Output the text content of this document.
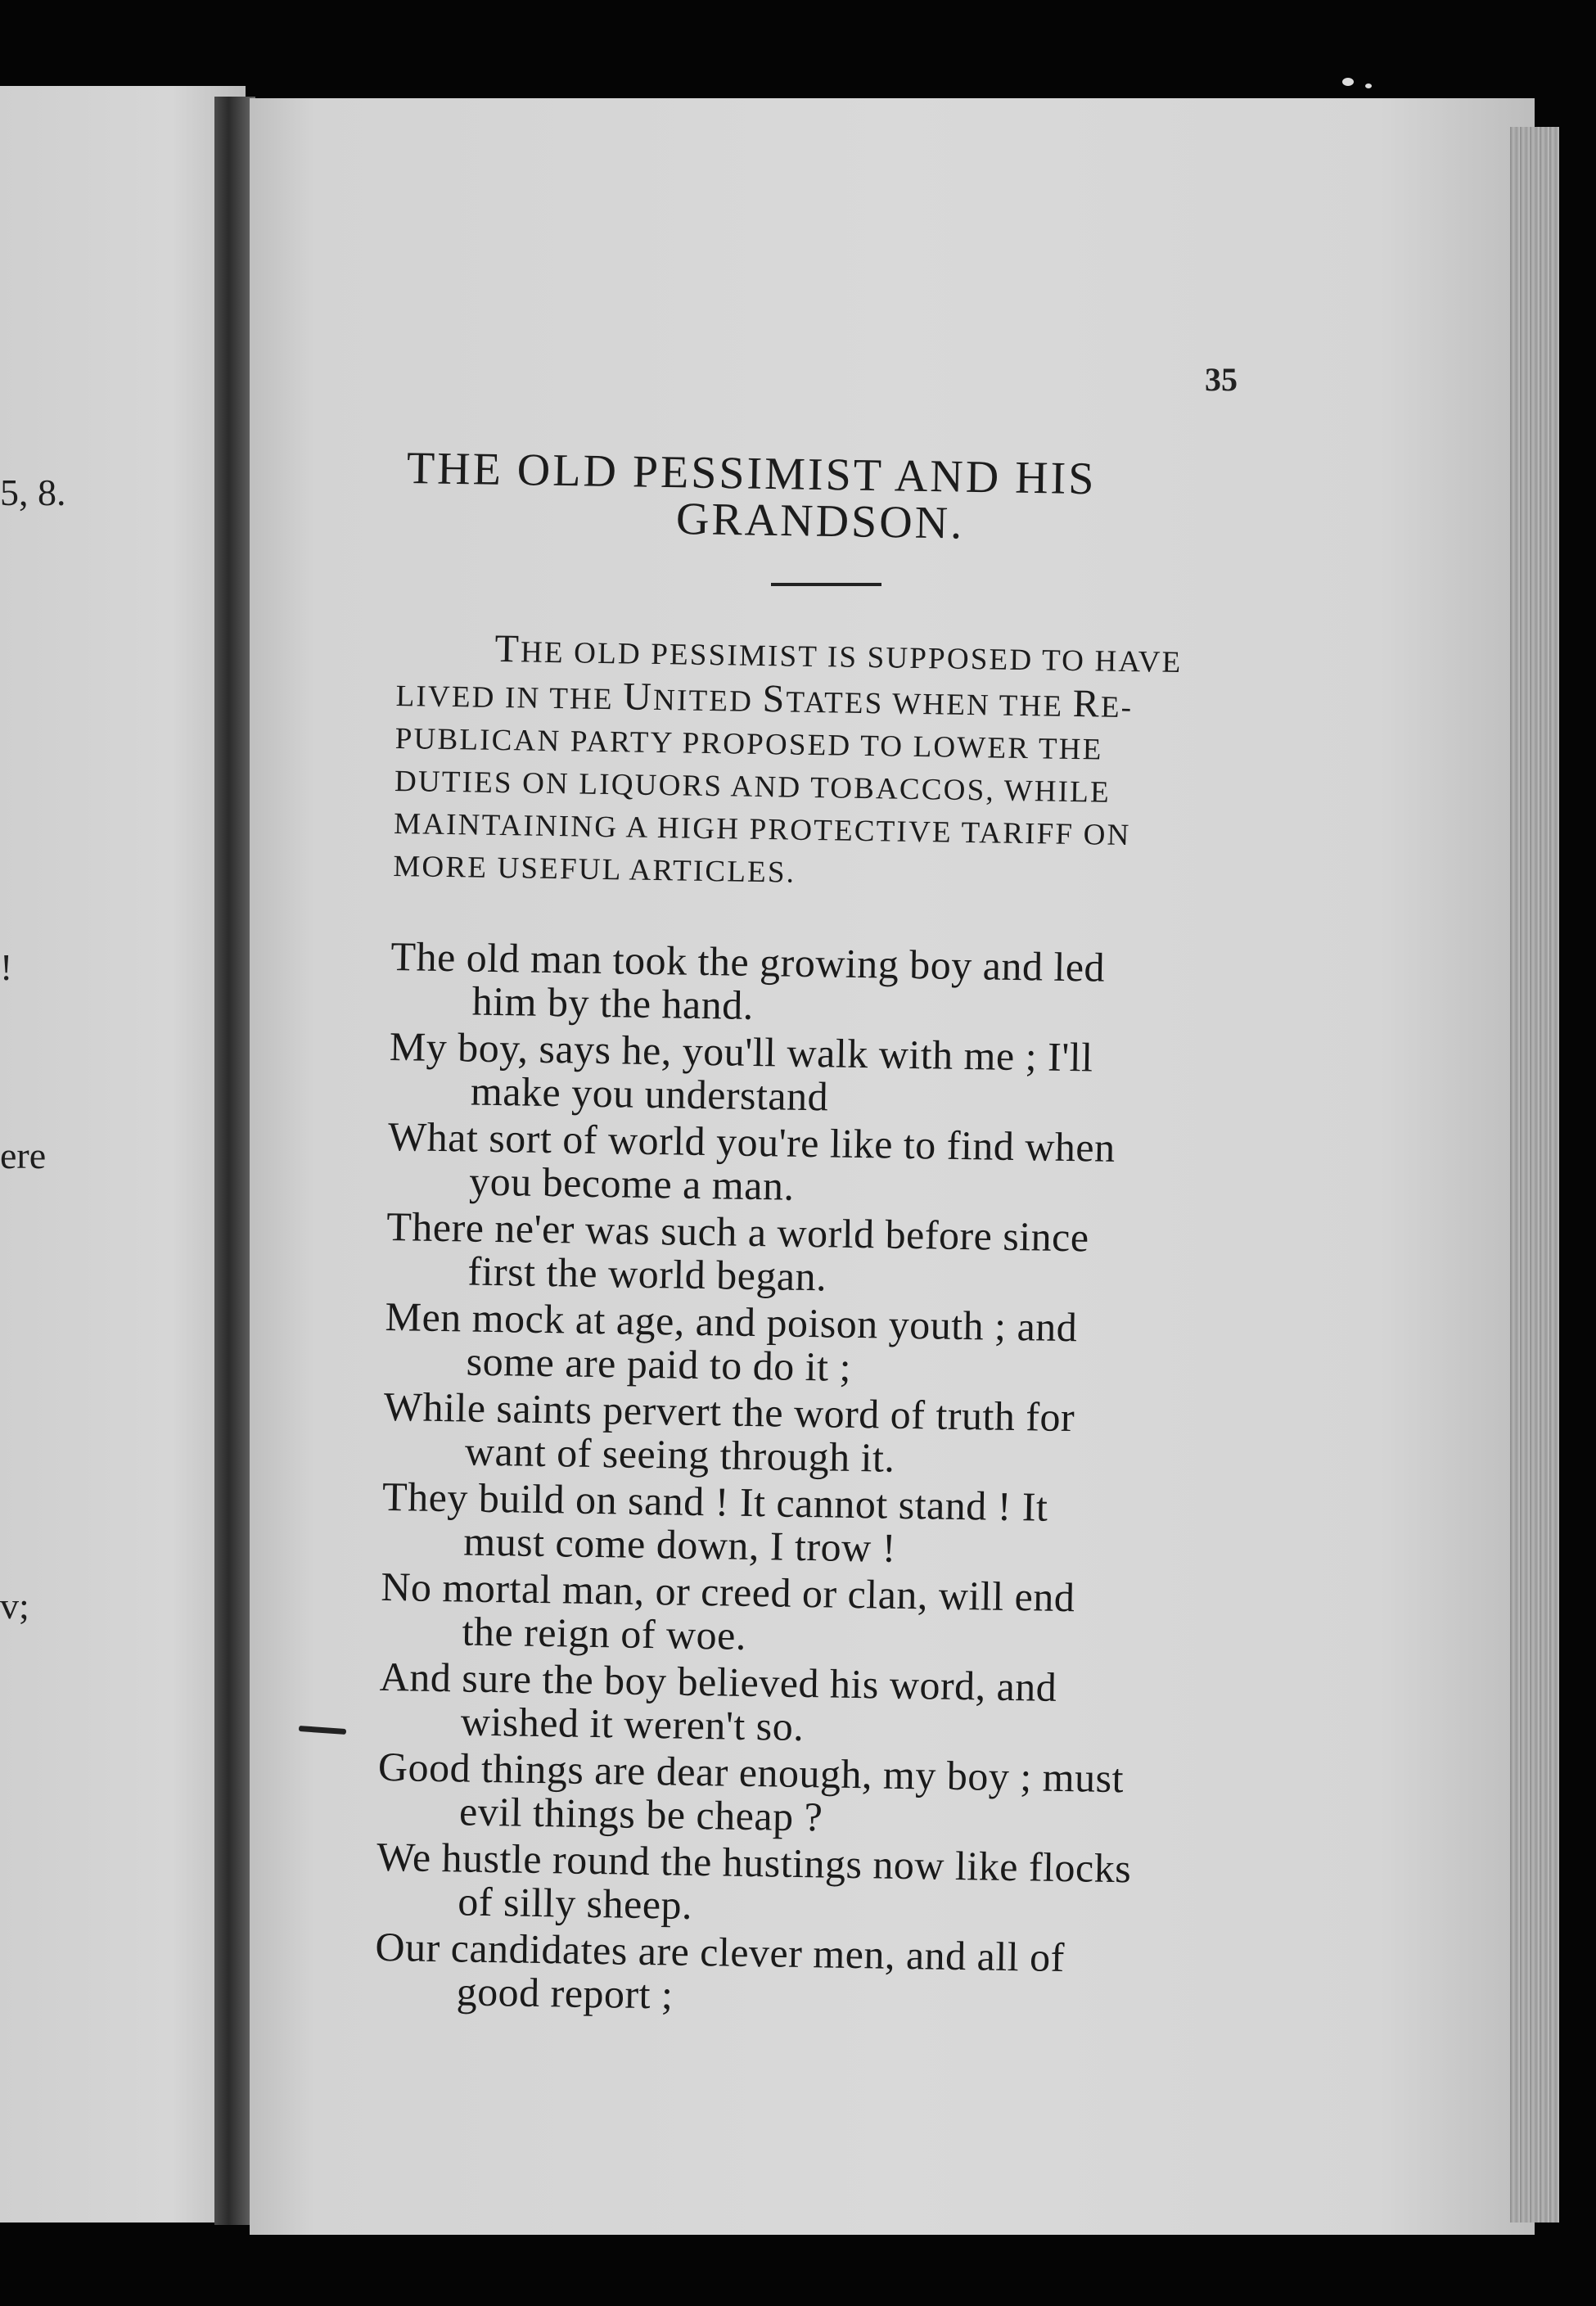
5, 8.
!
ere
v;
35
THE OLD PESSIMIST AND HIS
GRANDSON.
THE OLD PESSIMIST IS SUPPOSED TO HAVE
LIVED IN THE UNITED STATES WHEN THE RE-
PUBLICAN PARTY PROPOSED TO LOWER THE
DUTIES ON LIQUORS AND TOBACCOS, WHILE
MAINTAINING A HIGH PROTECTIVE TARIFF ON
MORE USEFUL ARTICLES.
The old man took the growing boy and led
him by the hand.
My boy, says he, you'll walk with me ; I'll
make you understand
What sort of world you're like to find when
you become a man.
There ne'er was such a world before since
first the world began.
Men mock at age, and poison youth ; and
some are paid to do it ;
While saints pervert the word of truth for
want of seeing through it.
They build on sand ! It cannot stand ! It
must come down, I trow !
No mortal man, or creed or clan, will end
the reign of woe.
And sure the boy believed his word, and
wished it weren't so.
Good things are dear enough, my boy ; must
evil things be cheap ?
We hustle round the hustings now like flocks
of silly sheep.
Our candidates are clever men, and all of
good report ;
